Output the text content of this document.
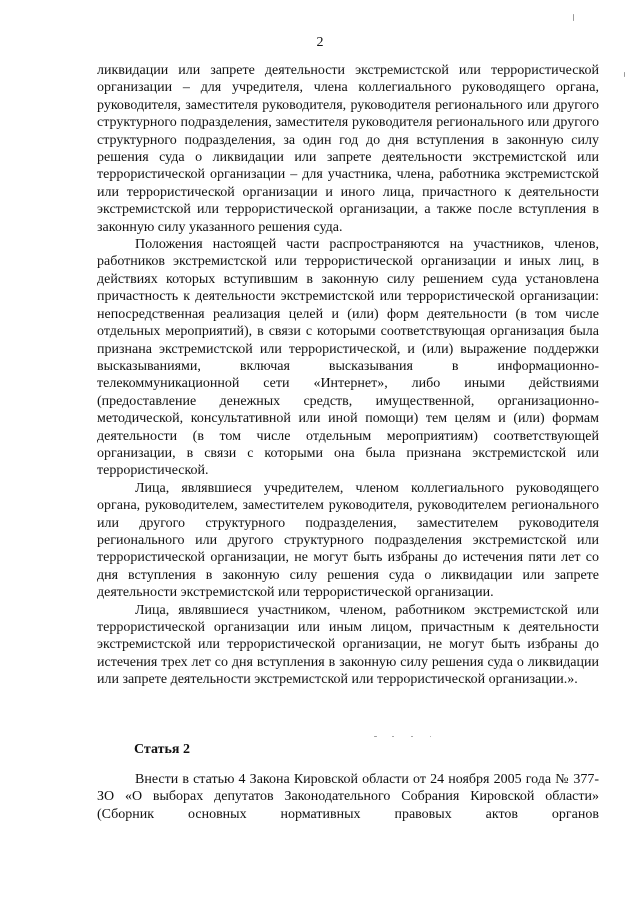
2

ликвидации или запрете деятельности экстремистской или террористической организации – для учредителя, члена коллегиального руководящего органа, руководителя, заместителя руководителя, руководителя регионального или другого структурного подразделения, заместителя руководителя регионального или другого структурного подразделения, за один год до дня вступления в законную силу решения суда о ликвидации или запрете деятельности экстремистской или террористической организации – для участника, члена, работника экстремистской или террористической организации и иного лица, причастного к деятельности экстремистской или террористической организации, а также после вступления в законную силу указанного решения суда.

Положения настоящей части распространяются на участников, членов, работников экстремистской или террористической организации и иных лиц, в действиях которых вступившим в законную силу решением суда установлена причастность к деятельности экстремистской или террористической организации: непосредственная реализация целей и (или) форм деятельности (в том числе отдельных мероприятий), в связи с которыми соответствующая организация была признана экстремистской или террористической, и (или) выражение поддержки высказываниями, включая высказывания в информационно-телекоммуникационной сети «Интернет», либо иными действиями (предоставление денежных средств, имущественной, организационно-методической, консультативной или иной помощи) тем целям и (или) формам деятельности (в том числе отдельным мероприятиям) соответствующей организации, в связи с которыми она была признана экстремистской или террористической.

Лица, являвшиеся учредителем, членом коллегиального руководящего органа, руководителем, заместителем руководителя, руководителем регионального или другого структурного подразделения, заместителем руководителя регионального или другого структурного подразделения экстремистской или террористической организации, не могут быть избраны до истечения пяти лет со дня вступления в законную силу решения суда о ликвидации или запрете деятельности экстремистской или террористической организации.

Лица, являвшиеся участником, членом, работником экстремистской или террористической организации или иным лицом, причастным к деятельности экстремистской или террористической организации, не могут быть избраны до истечения трех лет со дня вступления в законную силу решения суда о ликвидации или запрете деятельности экстремистской или террористической организации.».

Статья 2

Внести в статью 4 Закона Кировской области от 24 ноября 2005 года № 377-ЗО «О выборах депутатов Законодательного Собрания Кировской области» (Сборник основных нормативных правовых актов органов
